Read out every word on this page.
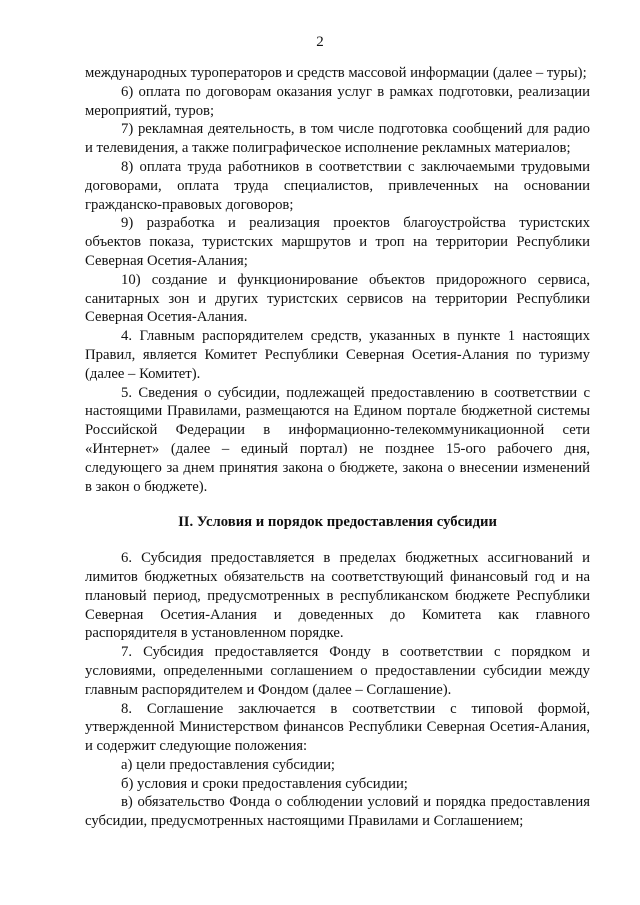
2

международных туроператоров и средств массовой информации (далее – туры);

6) оплата по договорам оказания услуг в рамках подготовки, реализации мероприятий, туров;

7) рекламная деятельность, в том числе подготовка сообщений для радио и телевидения, а также полиграфическое исполнение рекламных материалов;

8) оплата труда работников в соответствии с заключаемыми трудовыми договорами, оплата труда специалистов, привлеченных на основании гражданско-правовых договоров;

9) разработка и реализация проектов благоустройства туристских объектов показа, туристских маршрутов и троп на территории Республики Северная Осетия-Алания;

10) создание и функционирование объектов придорожного сервиса, санитарных зон и других туристских сервисов на территории Республики Северная Осетия-Алания.

4. Главным распорядителем средств, указанных в пункте 1 настоящих Правил, является Комитет Республики Северная Осетия-Алания по туризму (далее – Комитет).

5. Сведения о субсидии, подлежащей предоставлению в соответствии с настоящими Правилами, размещаются на Едином портале бюджетной системы Российской Федерации в информационно-телекоммуникационной сети «Интернет» (далее – единый портал) не позднее 15-ого рабочего дня, следующего за днем принятия закона о бюджете, закона о внесении изменений в закон о бюджете).

II. Условия и порядок предоставления субсидии

6. Субсидия предоставляется в пределах бюджетных ассигнований и лимитов бюджетных обязательств на соответствующий финансовый год и на плановый период, предусмотренных в республиканском бюджете Республики Северная Осетия-Алания и доведенных до Комитета как главного распорядителя в установленном порядке.

7. Субсидия предоставляется Фонду в соответствии с порядком и условиями, определенными соглашением о предоставлении субсидии между главным распорядителем и Фондом (далее – Соглашение).

8. Соглашение заключается в соответствии с типовой формой, утвержденной Министерством финансов Республики Северная Осетия-Алания, и содержит следующие положения:

а) цели предоставления субсидии;

б) условия и сроки предоставления субсидии;

в) обязательство Фонда о соблюдении условий и порядка предоставления субсидии, предусмотренных настоящими Правилами и Соглашением;
